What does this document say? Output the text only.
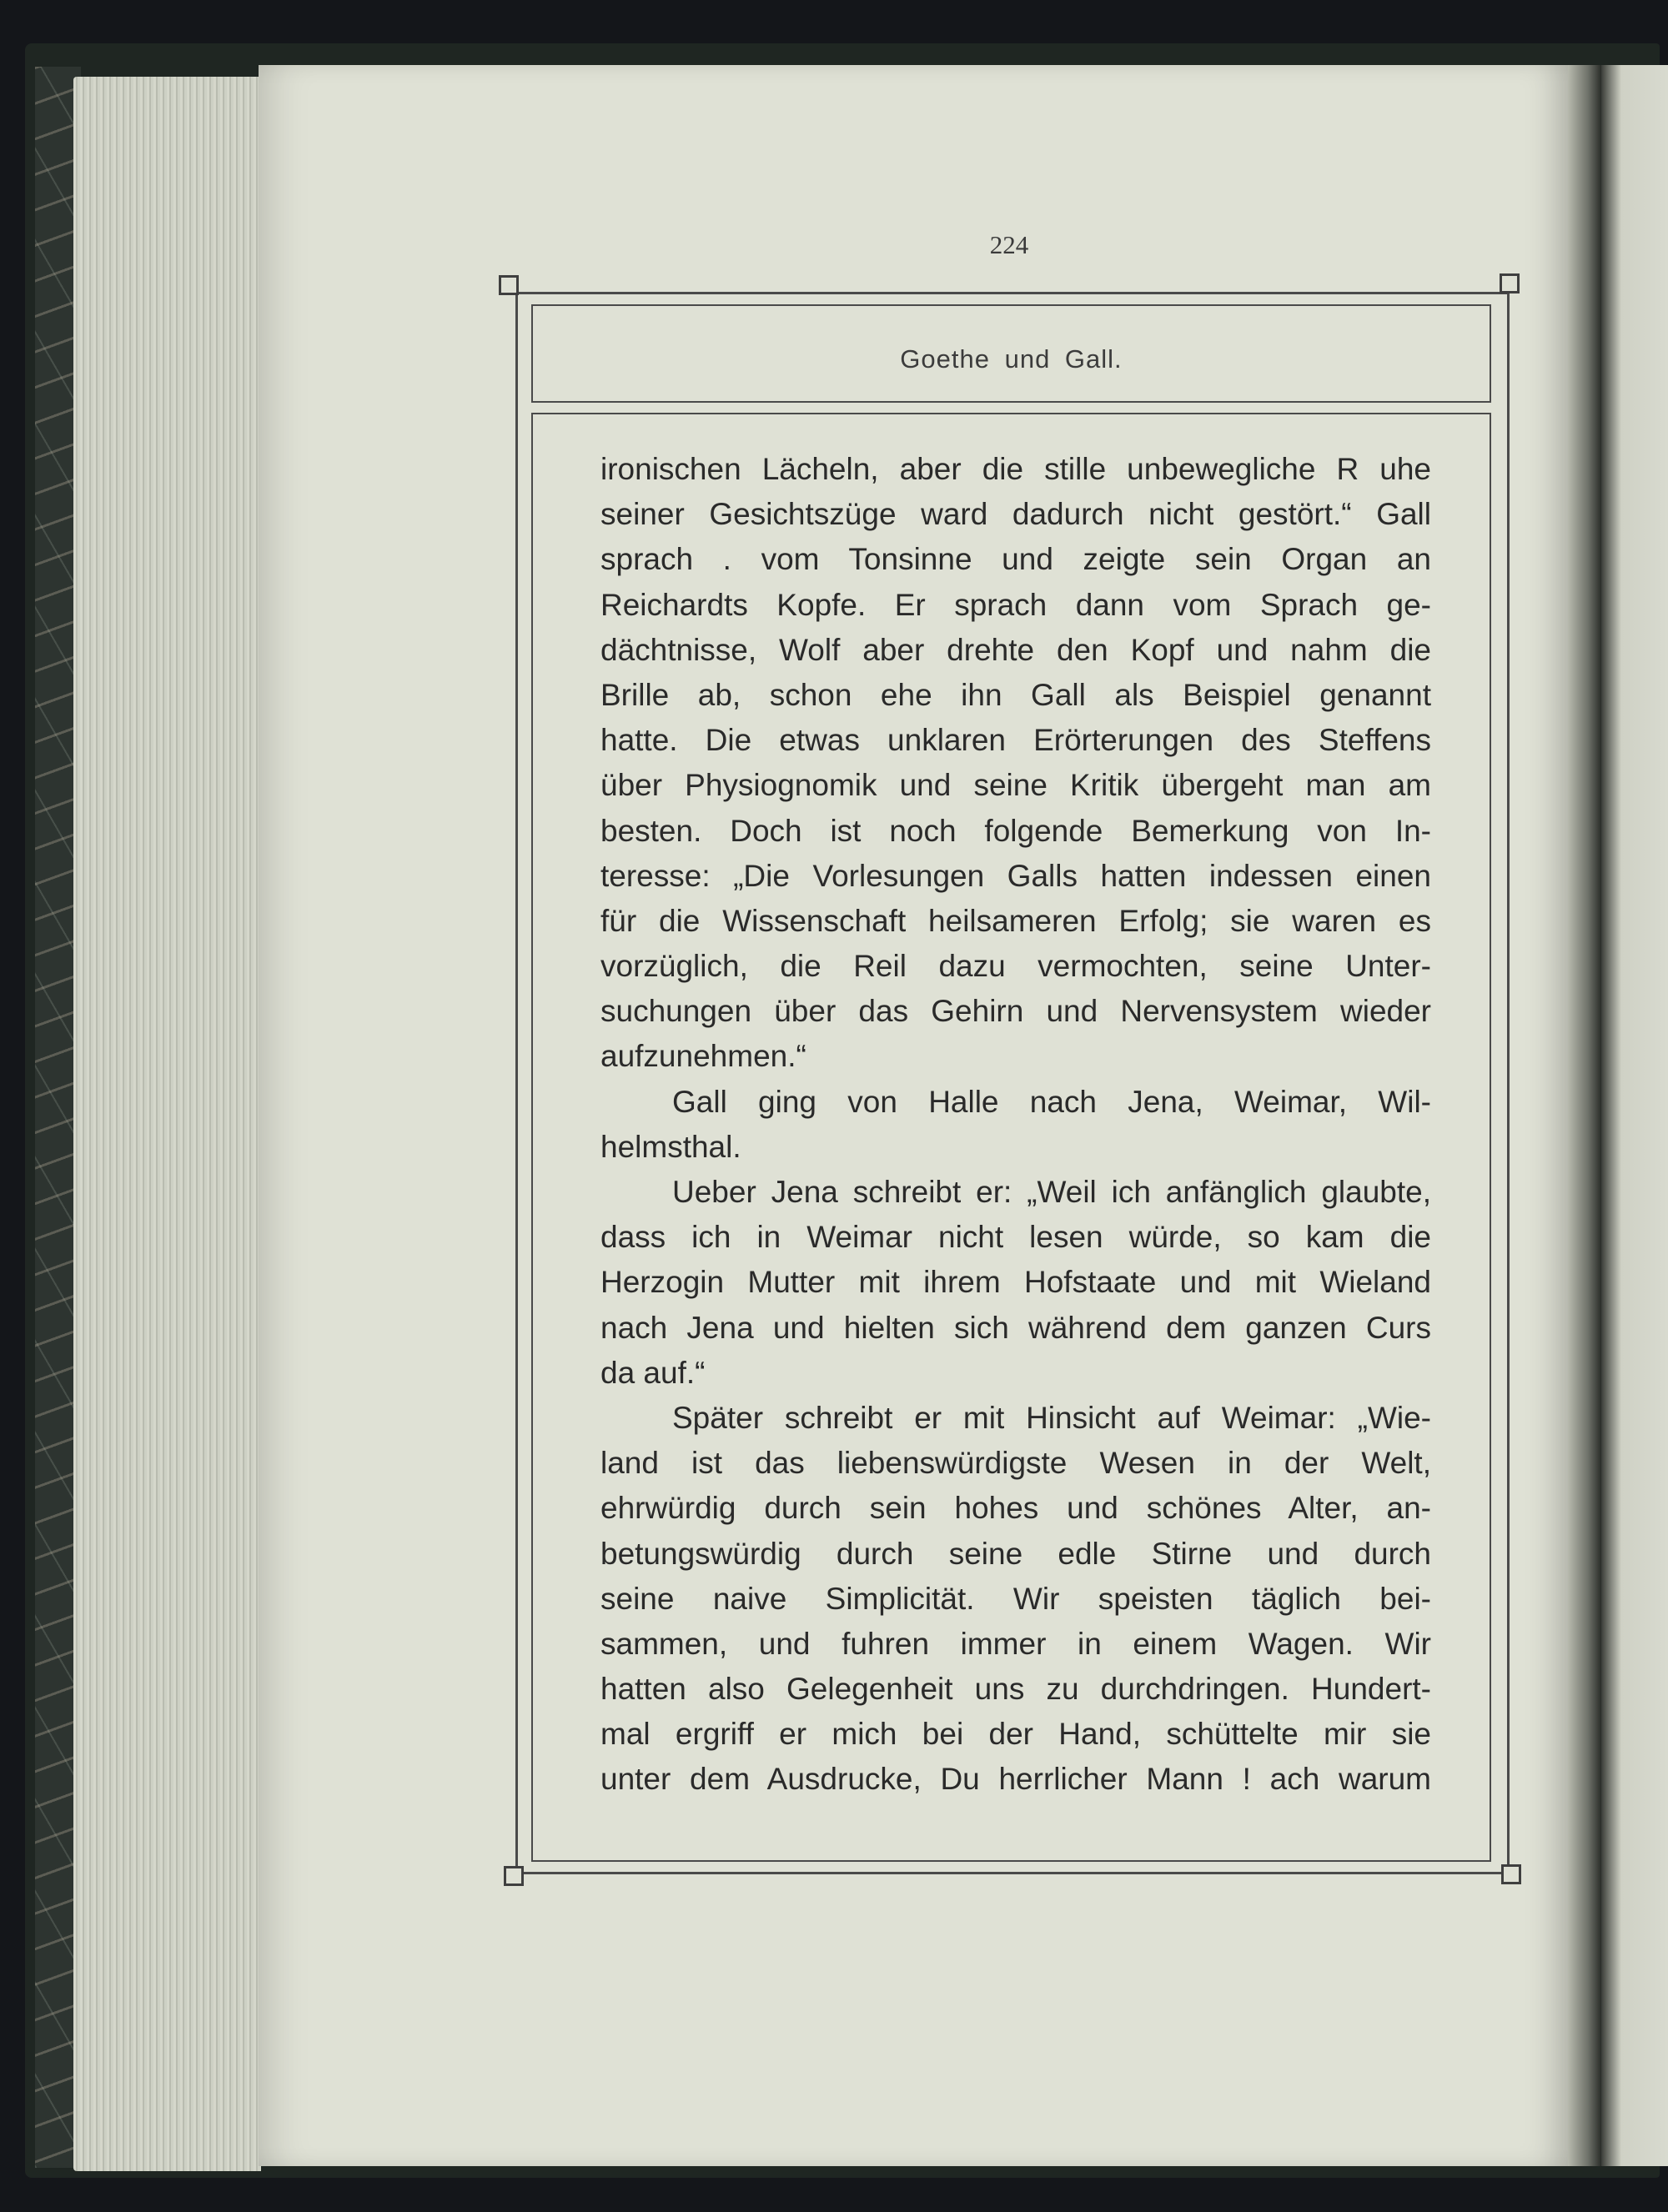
224
Goethe und Gall.
ironischen Lächeln, aber die stille unbewegliche R uhe
seiner Gesichtszüge ward dadurch nicht gestört.“ Gall
sprach . vom Tonsinne und zeigte sein Organ an
Reichardts Kopfe. Er sprach dann vom Sprach ge-
dächtnisse, Wolf aber drehte den Kopf und nahm die
Brille ab, schon ehe ihn Gall als Beispiel genannt
hatte. Die etwas unklaren Erörterungen des Steffens
über Physiognomik und seine Kritik übergeht man am
besten. Doch ist noch folgende Bemerkung von In-
teresse: „Die Vorlesungen Galls hatten indessen einen
für die Wissenschaft heilsameren Erfolg; sie waren es
vorzüglich, die Reil dazu vermochten, seine Unter-
suchungen über das Gehirn und Nervensystem wieder
aufzunehmen.“
Gall ging von Halle nach Jena, Weimar, Wil-
helmsthal.
Ueber Jena schreibt er: „Weil ich anfänglich glaubte,
dass ich in Weimar nicht lesen würde, so kam die
Herzogin Mutter mit ihrem Hofstaate und mit Wieland
nach Jena und hielten sich während dem ganzen Curs
da auf.“
Später schreibt er mit Hinsicht auf Weimar: „Wie-
land ist das liebenswürdigste Wesen in der Welt,
ehrwürdig durch sein hohes und schönes Alter, an-
betungswürdig durch seine edle Stirne und durch
seine naive Simplicität. Wir speisten täglich bei-
sammen, und fuhren immer in einem Wagen. Wir
hatten also Gelegenheit uns zu durchdringen. Hundert-
mal ergriff er mich bei der Hand, schüttelte mir sie
unter dem Ausdrucke, Du herrlicher Mann ! ach warum
